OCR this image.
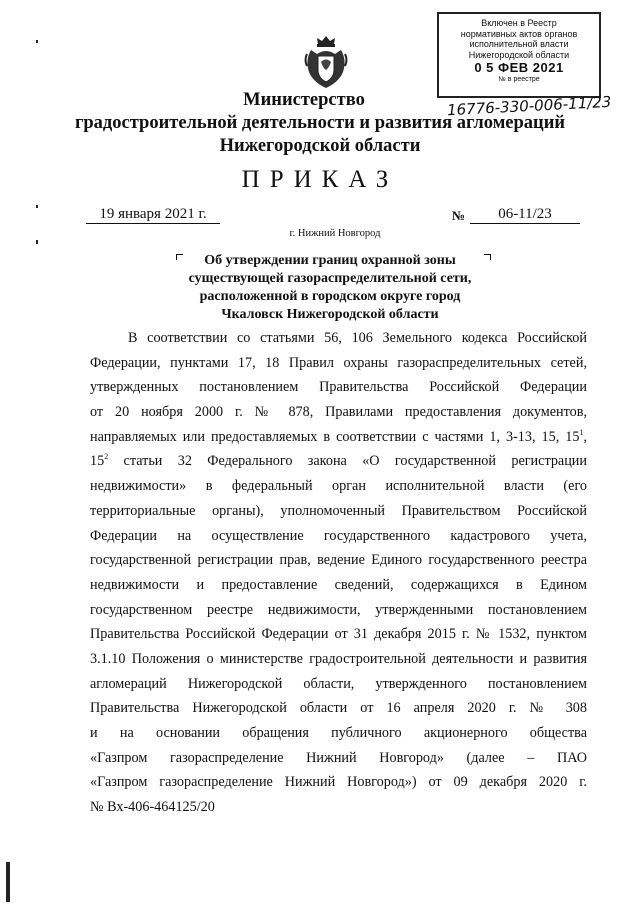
Включен в Реестр
нормативных актов органов
исполнительной власти
Нижегородской области
0 5 ФЕВ 2021
№ в реестре
16776-330-006-11/23
Министерство
градостроительной деятельности и развития агломераций
Нижегородской области
ПРИКАЗ
19 января 2021 г.	№	06-11/23
г. Нижний Новгород
Об утверждении границ охранной зоны
существующей газораспределительной сети,
расположенной в городском округе город
Чкаловск Нижегородской области
В соответствии со статьями 56, 106 Земельного кодекса Российской
Федерации, пунктами 17, 18 Правил охраны газораспределительных сетей,
утвержденных постановлением Правительства Российской Федерации
от 20 ноября 2000 г. № 878, Правилами предоставления документов,
направляемых или предоставляемых в соответствии с частями 1, 3-13, 15, $15^1$,
$15^2$ статьи 32 Федерального закона «О государственной регистрации
недвижимости» в федеральный орган исполнительной власти (его
территориальные органы), уполномоченный Правительством Российской
Федерации на осуществление государственного кадастрового учета,
государственной регистрации прав, ведение Единого государственного реестра
недвижимости и предоставление сведений, содержащихся в Едином
государственном реестре недвижимости, утвержденными постановлением
Правительства Российской Федерации от 31 декабря 2015 г. № 1532, пунктом
3.1.10 Положения о министерстве градостроительной деятельности и развития
агломераций Нижегородской области, утвержденного постановлением
Правительства Нижегородской области от 16 апреля 2020 г. № 308
и на основании обращения публичного акционерного общества
«Газпром газораспределение Нижний Новгород» (далее – ПАО
«Газпром газораспределение Нижний Новгород») от 09 декабря 2020 г.
№ Вх-406-464125/20
